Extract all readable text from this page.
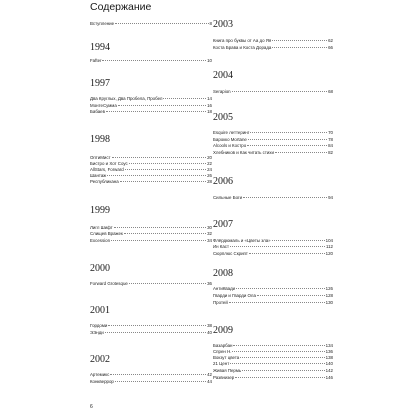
Содержание
Вступление	8
1994
Fafter	10
1997
Два Круглых, Два Пробела, Пробел	14
МонтеСумма	16
Бабаев	18
1998
ОптиМист	20
Бистро и Хот Соус	22
AllStars, Forward	24
Шантаж	26
Республикана	28
1999
Лигл Шифт	30
Слищев Вражек	32
Excession	34
2000
Forward Grotesque	36
2001
Гордоми	38
ЭЭнди	40
2002
Артемикс	42
Конкверрор	44
2003
Книга про буквы от Аа до Яя	62
Коста Брава и Коста Дорада	66
2004
Serapion	68
2005
Esquire леттеринг	70
Барокко Mortane	78
Alcools и Костро	84
Хлебников и Как читать стихи	82
2006
Сильные Боги	94
2007
Флёрдюмаль и «Цветы зла»	104
Ин Каст	112
Сюрплюс Скрипт	120
2008
АнтиКвади	126
Гварди и Гварди Ола	128
Протей	130
2009
Базарбан	134
Спрен Н.	136
Вокзут цвета	138
21 Цент	140
Живая Пермь	142
Развнизер	146
6
